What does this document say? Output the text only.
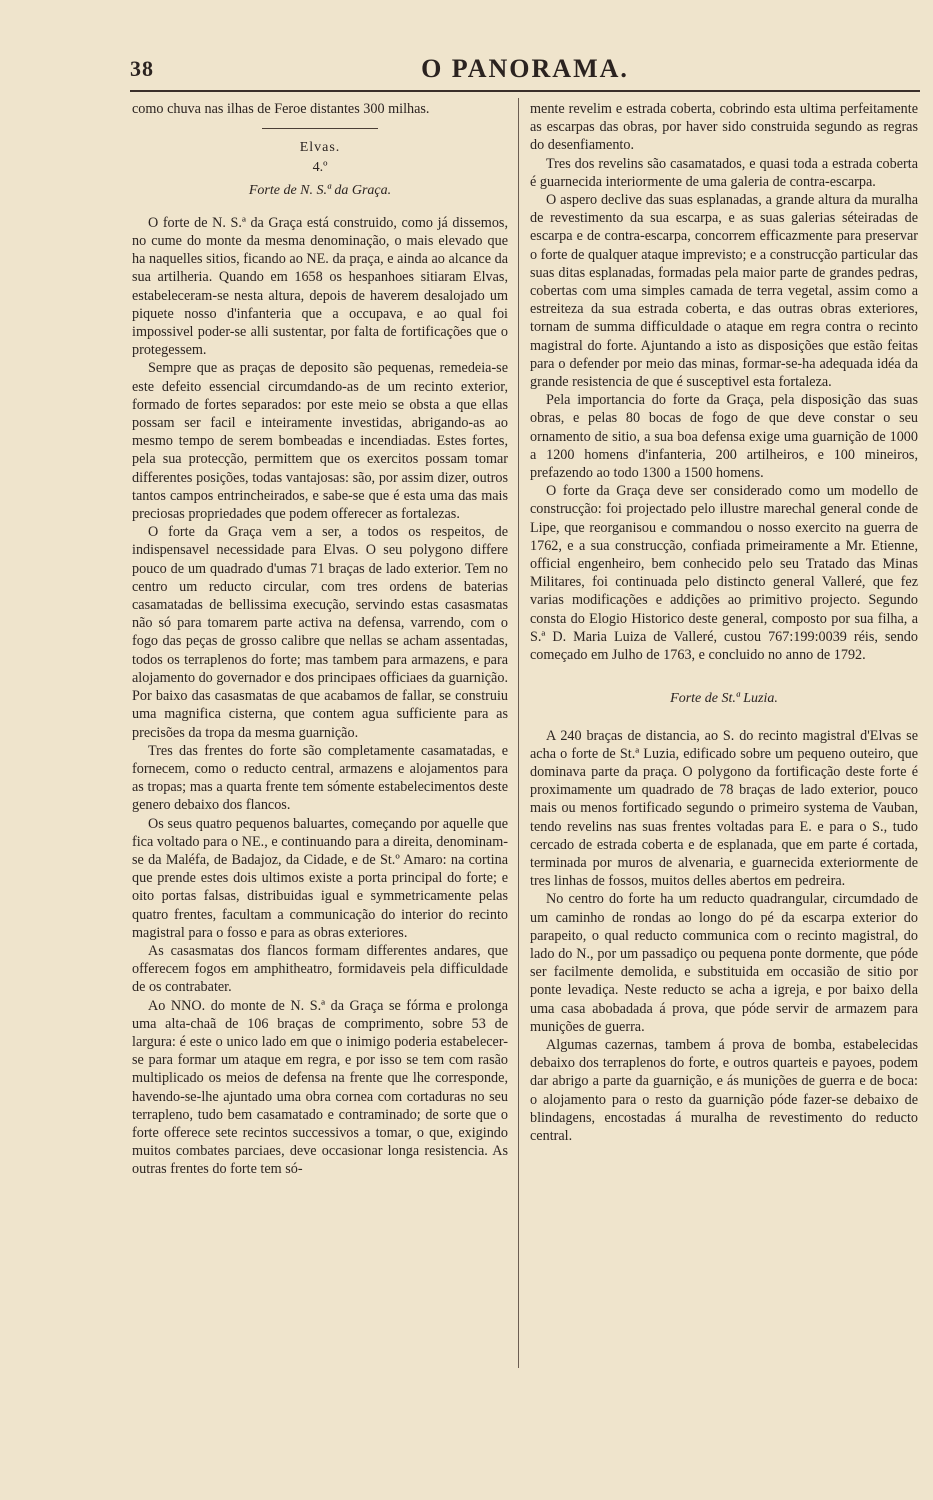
38	O PANORAMA.

como chuva nas ilhas de Feroe distantes 300 milhas.

Elvas.
4.º
Forte de N. S.ª da Graça.

O forte de N. S.ª da Graça está construido, como já dissemos, no cume do monte da mesma denominação, o mais elevado que ha naquelles sitios, ficando ao NE. da praça, e ainda ao alcance da sua artilheria. Quando em 1658 os hespanhoes sitiaram Elvas, estabeleceram-se nesta altura, depois de haverem desalojado um piquete nosso d'infanteria que a occupava, e ao qual foi impossivel poder-se alli sustentar, por falta de fortificações que o protegessem.

Sempre que as praças de deposito são pequenas, remedeia-se este defeito essencial circumdando-as de um recinto exterior, formado de fortes separados: por este meio se obsta a que ellas possam ser facil e inteiramente investidas, abrigando-as ao mesmo tempo de serem bombeadas e incendiadas. Estes fortes, pela sua protecção, permittem que os exercitos possam tomar differentes posições, todas vantajosas: são, por assim dizer, outros tantos campos entrincheirados, e sabe-se que é esta uma das mais preciosas propriedades que podem offerecer as fortalezas.

O forte da Graça vem a ser, a todos os respeitos, de indispensavel necessidade para Elvas. O seu polygono differe pouco de um quadrado d'umas 71 braças de lado exterior. Tem no centro um reducto circular, com tres ordens de baterias casamatadas de bellissima execução, servindo estas casasmatas não só para tomarem parte activa na defensa, varrendo, com o fogo das peças de grosso calibre que nellas se acham assentadas, todos os terraplenos do forte; mas tambem para armazens, e para alojamento do governador e dos principaes officiaes da guarnição. Por baixo das casasmatas de que acabamos de fallar, se construiu uma magnifica cisterna, que contem agua sufficiente para as precisões da tropa da mesma guarnição.

Tres das frentes do forte são completamente casamatadas, e fornecem, como o reducto central, armazens e alojamentos para as tropas; mas a quarta frente tem sómente estabelecimentos deste genero debaixo dos flancos.

Os seus quatro pequenos baluartes, começando por aquelle que fica voltado para o NE., e continuando para a direita, denominam-se da Maléfa, de Badajoz, da Cidade, e de St.º Amaro: na cortina que prende estes dois ultimos existe a porta principal do forte; e oito portas falsas, distribuidas igual e symmetricamente pelas quatro frentes, facultam a communicação do interior do recinto magistral para o fosso e para as obras exteriores.

As casasmatas dos flancos formam differentes andares, que offerecem fogos em amphitheatro, formidaveis pela difficuldade de os contrabater.

Ao NNO. do monte de N. S.ª da Graça se fórma e prolonga uma alta-chaã de 106 braças de comprimento, sobre 53 de largura: é este o unico lado em que o inimigo poderia estabelecer-se para formar um ataque em regra, e por isso se tem com rasão multiplicado os meios de defensa na frente que lhe corresponde, havendo-se-lhe ajuntado uma obra cornea com cortaduras no seu terrapleno, tudo bem casamatado e contraminado; de sorte que o forte offerece sete recintos successivos a tomar, o que, exigindo muitos combates parciaes, deve occasionar longa resistencia. As outras frentes do forte tem só-

mente revelim e estrada coberta, cobrindo esta ultima perfeitamente as escarpas das obras, por haver sido construida segundo as regras do desenfiamento.

Tres dos revelins são casamatados, e quasi toda a estrada coberta é guarnecida interiormente de uma galeria de contra-escarpa.

O aspero declive das suas esplanadas, a grande altura da muralha de revestimento da sua escarpa, e as suas galerias séteiradas de escarpa e de contra-escarpa, concorrem efficazmente para preservar o forte de qualquer ataque imprevisto; e a construcção particular das suas ditas esplanadas, formadas pela maior parte de grandes pedras, cobertas com uma simples camada de terra vegetal, assim como a estreiteza da sua estrada coberta, e das outras obras exteriores, tornam de summa difficuldade o ataque em regra contra o recinto magistral do forte. Ajuntando a isto as disposições que estão feitas para o defender por meio das minas, formar-se-ha adequada idéa da grande resistencia de que é susceptivel esta fortaleza.

Pela importancia do forte da Graça, pela disposição das suas obras, e pelas 80 bocas de fogo de que deve constar o seu ornamento de sitio, a sua boa defensa exige uma guarnição de 1000 a 1200 homens d'infanteria, 200 artilheiros, e 100 mineiros, prefazendo ao todo 1300 a 1500 homens.

O forte da Graça deve ser considerado como um modello de construcção: foi projectado pelo illustre marechal general conde de Lipe, que reorganisou e commandou o nosso exercito na guerra de 1762, e a sua construcção, confiada primeiramente a Mr. Etienne, official engenheiro, bem conhecido pelo seu Tratado das Minas Militares, foi continuada pelo distincto general Valleré, que fez varias modificações e addições ao primitivo projecto. Segundo consta do Elogio Historico deste general, composto por sua filha, a S.ª D. Maria Luiza de Valleré, custou 767:199:0039 réis, sendo começado em Julho de 1763, e concluido no anno de 1792.

Forte de St.ª Luzia.

A 240 braças de distancia, ao S. do recinto magistral d'Elvas se acha o forte de St.ª Luzia, edificado sobre um pequeno outeiro, que dominava parte da praça. O polygono da fortificação deste forte é proximamente um quadrado de 78 braças de lado exterior, pouco mais ou menos fortificado segundo o primeiro systema de Vauban, tendo revelins nas suas frentes voltadas para E. e para o S., tudo cercado de estrada coberta e de esplanada, que em parte é cortada, terminada por muros de alvenaria, e guarnecida exteriormente de tres linhas de fossos, muitos delles abertos em pedreira.

No centro do forte ha um reducto quadrangular, circumdado de um caminho de rondas ao longo do pé da escarpa exterior do parapeito, o qual reducto communica com o recinto magistral, do lado do N., por um passadiço ou pequena ponte dormente, que póde ser facilmente demolida, e substituida em occasião de sitio por ponte levadiça. Neste reducto se acha a igreja, e por baixo della uma casa abobadada á prova, que póde servir de armazem para munições de guerra.

Algumas cazernas, tambem á prova de bomba, estabelecidas debaixo dos terraplenos do forte, e outros quarteis e payoes, podem dar abrigo a parte da guarnição, e ás munições de guerra e de boca: o alojamento para o resto da guarnição póde fazer-se debaixo de blindagens, encostadas á muralha de revestimento do reducto central.
